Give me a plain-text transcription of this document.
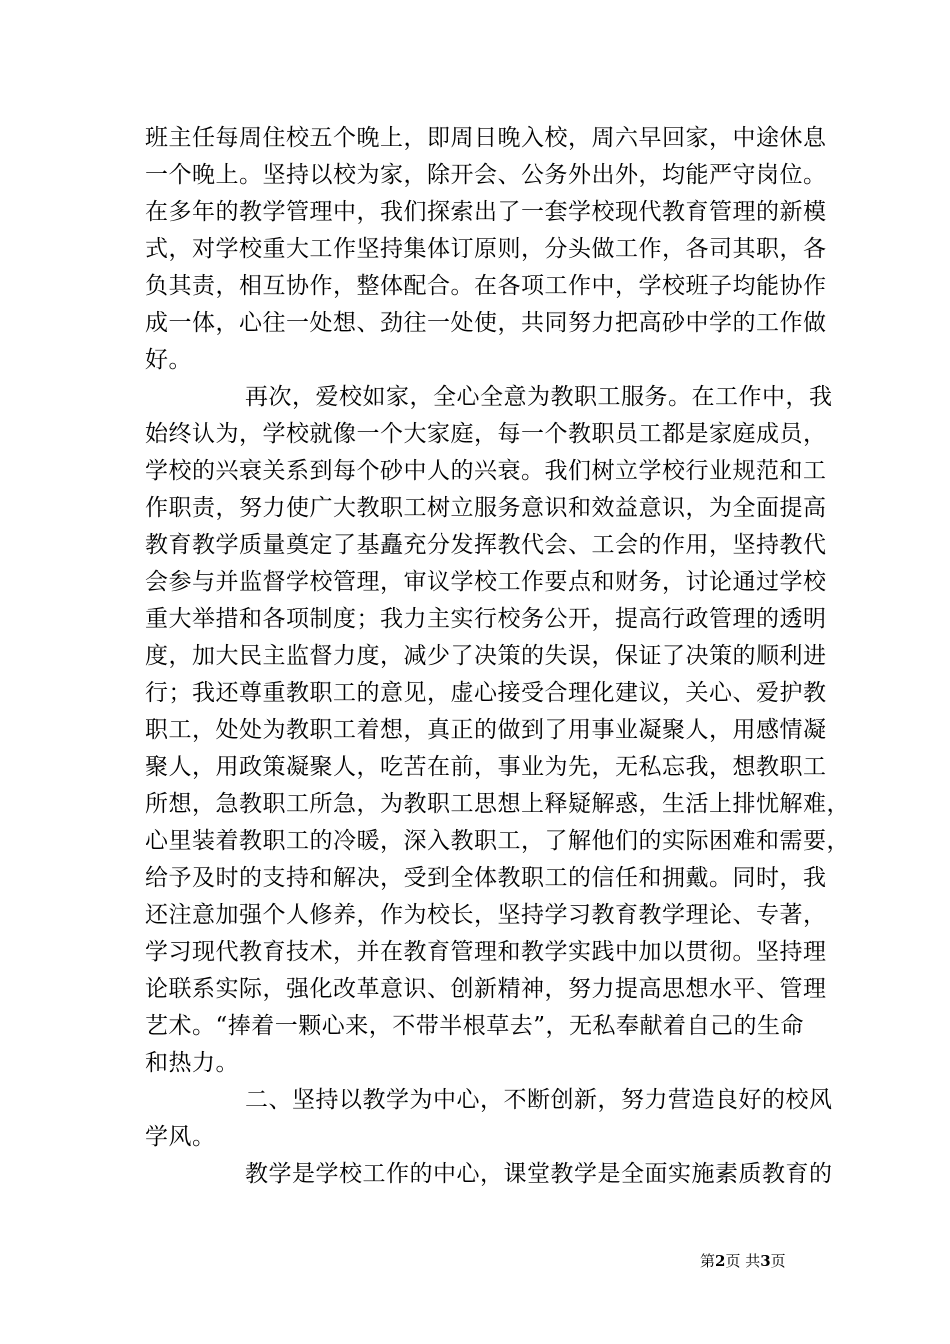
班主任每周住校五个晚上，即周日晚入校，周六早回家，中途休息
一个晚上。坚持以校为家，除开会、公务外出外，均能严守岗位。
在多年的教学管理中，我们探索出了一套学校现代教育管理的新模
式，对学校重大工作坚持集体订原则，分头做工作，各司其职，各
负其责，相互协作，整体配合。在各项工作中，学校班子均能协作
成一体，心往一处想、劲往一处使，共同努力把高砂中学的工作做
好。
再次，爱校如家，全心全意为教职工服务。在工作中，我
始终认为，学校就像一个大家庭，每一个教职员工都是家庭成员，
学校的兴衰关系到每个砂中人的兴衰。我们树立学校行业规范和工
作职责，努力使广大教职工树立服务意识和效益意识，为全面提高
教育教学质量奠定了基矗充分发挥教代会、工会的作用，坚持教代
会参与并监督学校管理，审议学校工作要点和财务，讨论通过学校
重大举措和各项制度；我力主实行校务公开，提高行政管理的透明
度，加大民主监督力度，减少了决策的失误，保证了决策的顺利进
行；我还尊重教职工的意见，虚心接受合理化建议，关心、爱护教
职工，处处为教职工着想，真正的做到了用事业凝聚人，用感情凝
聚人，用政策凝聚人，吃苦在前，事业为先，无私忘我，想教职工
所想，急教职工所急，为教职工思想上释疑解惑，生活上排忧解难，
心里装着教职工的冷暖，深入教职工，了解他们的实际困难和需要，
给予及时的支持和解决，受到全体教职工的信任和拥戴。同时，我
还注意加强个人修养，作为校长，坚持学习教育教学理论、专著，
学习现代教育技术，并在教育管理和教学实践中加以贯彻。坚持理
论联系实际，强化改革意识、创新精神，努力提高思想水平、管理
艺术。“捧着一颗心来，不带半根草去”，无私奉献着自己的生命
和热力。
二、坚持以教学为中心，不断创新，努力营造良好的校风
学风。
教学是学校工作的中心，课堂教学是全面实施素质教育的
第2页 共3页
